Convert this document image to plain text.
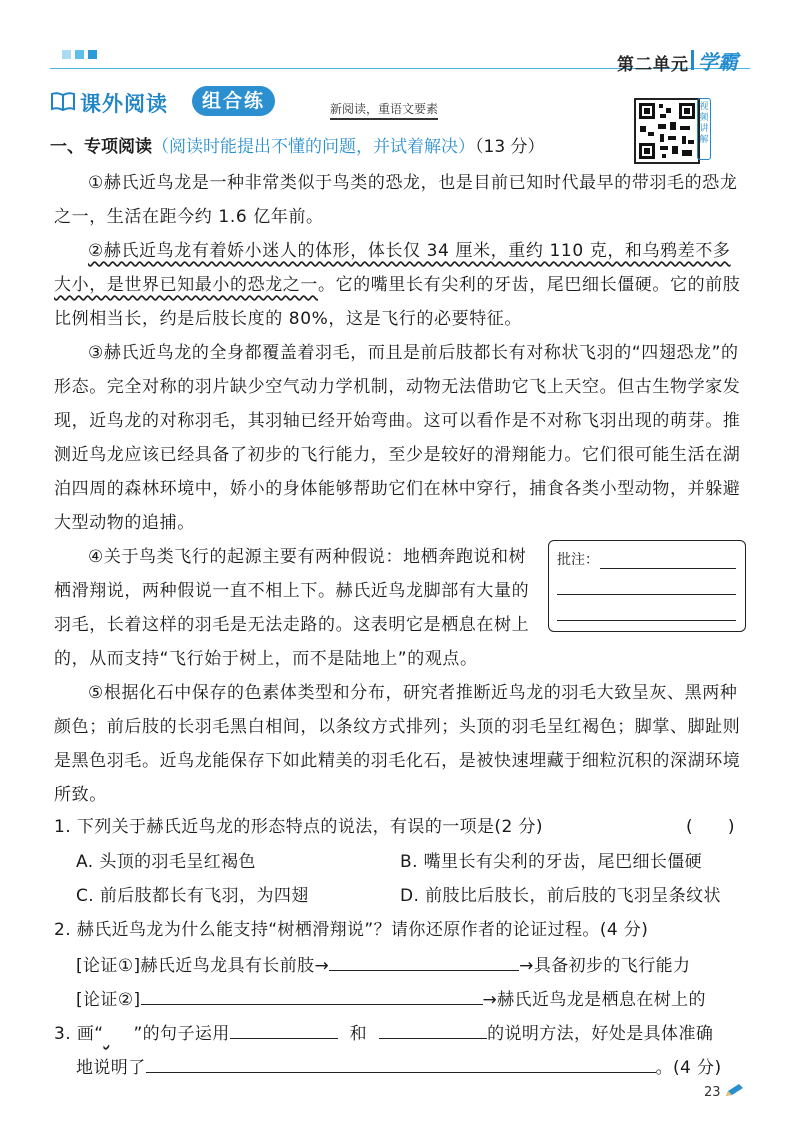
第二单元 学霸
课外阅读	组合练	新阅读，重语文要素	视频讲解
一、专项阅读（阅读时能提出不懂的问题，并试着解决）（13 分）

①赫氏近鸟龙是一种非常类似于鸟类的恐龙，也是目前已知时代最早的带羽毛的恐龙之一，生活在距今约 1.6 亿年前。

②赫氏近鸟龙有着娇小迷人的体形，体长仅 34 厘米，重约 110 克，和乌鸦差不多大小，是世界已知最小的恐龙之一。它的嘴里长有尖利的牙齿，尾巴细长僵硬。它的前肢比例相当长，约是后肢长度的 80%，这是飞行的必要特征。

③赫氏近鸟龙的全身都覆盖着羽毛，而且是前后肢都长有对称状飞羽的“四翅恐龙”的形态。完全对称的羽片缺少空气动力学机制，动物无法借助它飞上天空。但古生物学家发现，近鸟龙的对称羽毛，其羽轴已经开始弯曲。这可以看作是不对称飞羽出现的萌芽。推测近鸟龙应该已经具备了初步的飞行能力，至少是较好的滑翔能力。它们很可能生活在湖泊四周的森林环境中，娇小的身体能够帮助它们在林中穿行，捕食各类小型动物，并躲避大型动物的追捕。

④关于鸟类飞行的起源主要有两种假说：地栖奔跑说和树栖滑翔说，两种假说一直不相上下。赫氏近鸟龙脚部有大量的羽毛，长着这样的羽毛是无法走路的。这表明它是栖息在树上的，从而支持“飞行始于树上，而不是陆地上”的观点。

批注：

⑤根据化石中保存的色素体类型和分布，研究者推断近鸟龙的羽毛大致呈灰、黑两种颜色；前后肢的长羽毛黑白相间，以条纹方式排列；头顶的羽毛呈红褐色；脚掌、脚趾则是黑色羽毛。近鸟龙能保存下如此精美的羽毛化石，是被快速埋藏于细粒沉积的深湖环境所致。

1. 下列关于赫氏近鸟龙的形态特点的说法，有误的一项是(2 分)	(　　)
A. 头顶的羽毛呈红褐色	B. 嘴里长有尖利的牙齿，尾巴细长僵硬
C. 前后肢都长有飞羽，为四翅	D. 前肢比后肢长，前后肢的飞羽呈条纹状
2. 赫氏近鸟龙为什么能支持“树栖滑翔说”？请你还原作者的论证过程。(4 分)
[论证①]赫氏近鸟龙具有长前肢→	→具备初步的飞行能力
[论证②]	→赫氏近鸟龙是栖息在树上的
3. 画“ ”的句子运用	和	的说明方法，好处是具体准确
地说明了	。(4 分)
23
